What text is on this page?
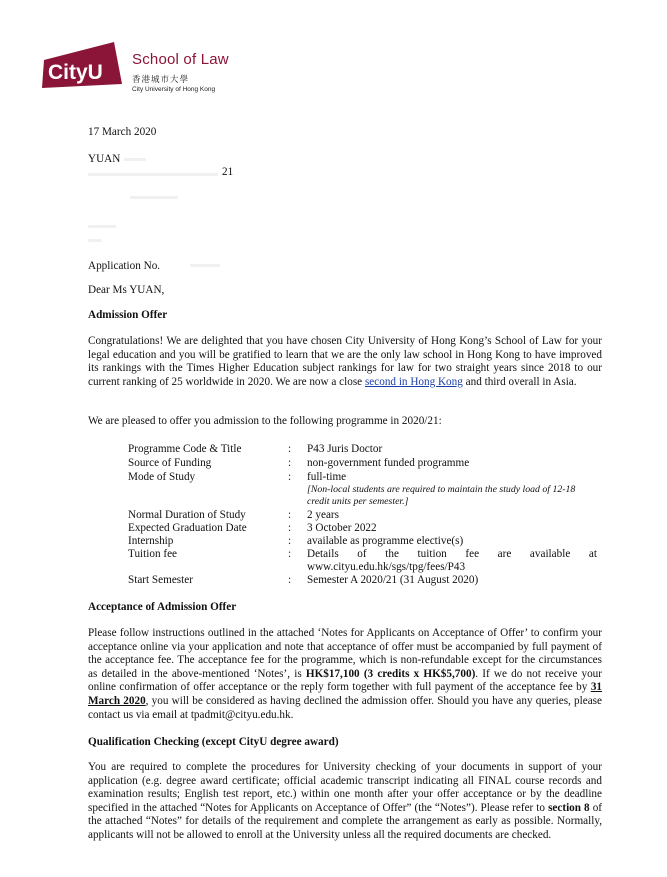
CityU
School of Law
香港城市大學
City University of Hong Kong
17 March 2020
YUAN
21
Application No.
Dear Ms YUAN,
Admission Offer
Congratulations! We are delighted that you have chosen City University of Hong Kong’s School of Law for your legal education and you will be gratified to learn that we are the only law school in Hong Kong to have improved its rankings with the Times Higher Education subject rankings for law for two straight years since 2018 to our current ranking of 25 worldwide in 2020. We are now a close second in Hong Kong and third overall in Asia.
We are pleased to offer you admission to the following programme in 2020/21:
Programme Code & Title	: P43 Juris Doctor
Source of Funding	: non-government funded programme
Mode of Study	: full-time
[Non-local students are required to maintain the study load of 12-18
credit units per semester.]
Normal Duration of Study	: 2 years
Expected Graduation Date	: 3 October 2022
Internship	: available as programme elective(s)
Tuition fee	: Details of the tuition fee are available at
www.cityu.edu.hk/sgs/tpg/fees/P43
Start Semester	: Semester A 2020/21 (31 August 2020)
Acceptance of Admission Offer
Please follow instructions outlined in the attached ‘Notes for Applicants on Acceptance of Offer’ to confirm your acceptance online via your application and note that acceptance of offer must be accompanied by full payment of the acceptance fee. The acceptance fee for the programme, which is non-refundable except for the circumstances as detailed in the above-mentioned ‘Notes’, is HK$17,100 (3 credits x HK$5,700). If we do not receive your online confirmation of offer acceptance or the reply form together with full payment of the acceptance fee by 31 March 2020, you will be considered as having declined the admission offer. Should you have any queries, please contact us via email at tpadmit@cityu.edu.hk.
Qualification Checking (except CityU degree award)
You are required to complete the procedures for University checking of your documents in support of your application (e.g. degree award certificate; official academic transcript indicating all FINAL course records and examination results; English test report, etc.) within one month after your offer acceptance or by the deadline specified in the attached “Notes for Applicants on Acceptance of Offer” (the “Notes”). Please refer to section 8 of the attached “Notes” for details of the requirement and complete the arrangement as early as possible. Normally, applicants will not be allowed to enroll at the University unless all the required documents are checked.
